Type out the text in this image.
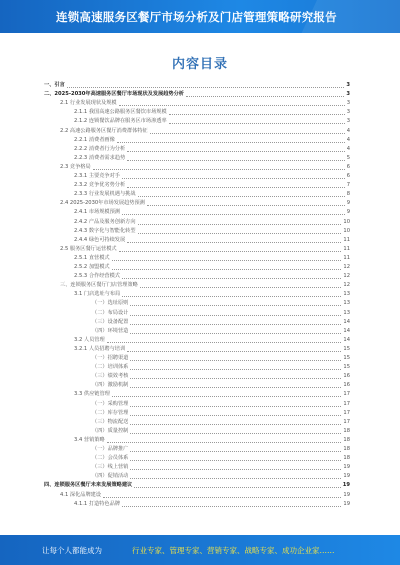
连锁高速服务区餐厅市场分析及门店管理策略研究报告
内容目录
一、引言	3
二、2025-2030年高速服务区餐厅市场现状及发展趋势分析	3
2.1 行业发展现状及规模	3
2.1.1 我国高速公路服务区餐饮市场规模	3
2.1.2 连锁餐饮品牌在服务区市场渗透率	3
2.2 高速公路服务区餐厅消费群体特征	4
2.2.1 消费者画像	4
2.2.2 消费者行为分析	4
2.2.3 消费者需求趋势	5
2.3 竞争格局	6
2.3.1 主要竞争对手	6
2.3.2 竞争优劣势分析	7
2.3.3 行业发展机遇与挑战	8
2.4 2025-2030年市场发展趋势预测	9
2.4.1 市场规模预测	9
2.4.2 产品及服务创新方向	10
2.4.3 数字化与智能化转型	10
2.4.4 绿色可持续发展	11
2.5 服务区餐厅运营模式	11
2.5.1 直营模式	11
2.5.2 加盟模式	12
2.5.3 合作经营模式	12
三、连锁服务区餐厅门店管理策略	12
3.1 门店选址与布局	13
（一）选址原则	13
（二）布局设计	13
（三）设备配置	14
（四）环境营造	14
3.2 人员管理	14
3.2.1 人员招聘与培训	15
（一）招聘渠道	15
（二）培训体系	15
（三）绩效考核	16
（四）激励机制	16
3.3 供应链管理	17
（一）采购管理	17
（二）库存管理	17
（三）物流配送	17
（四）质量控制	18
3.4 营销策略	18
（一）品牌推广	18
（二）会员体系	18
（三）线上营销	19
（四）促销活动	19
四、连锁服务区餐厅未来发展策略建议	19
4.1 深化品牌建设	19
4.1.1 打造特色品牌	19
让每个人都能成为	行业专家、管理专家、营销专家、战略专家、成功企业家……
